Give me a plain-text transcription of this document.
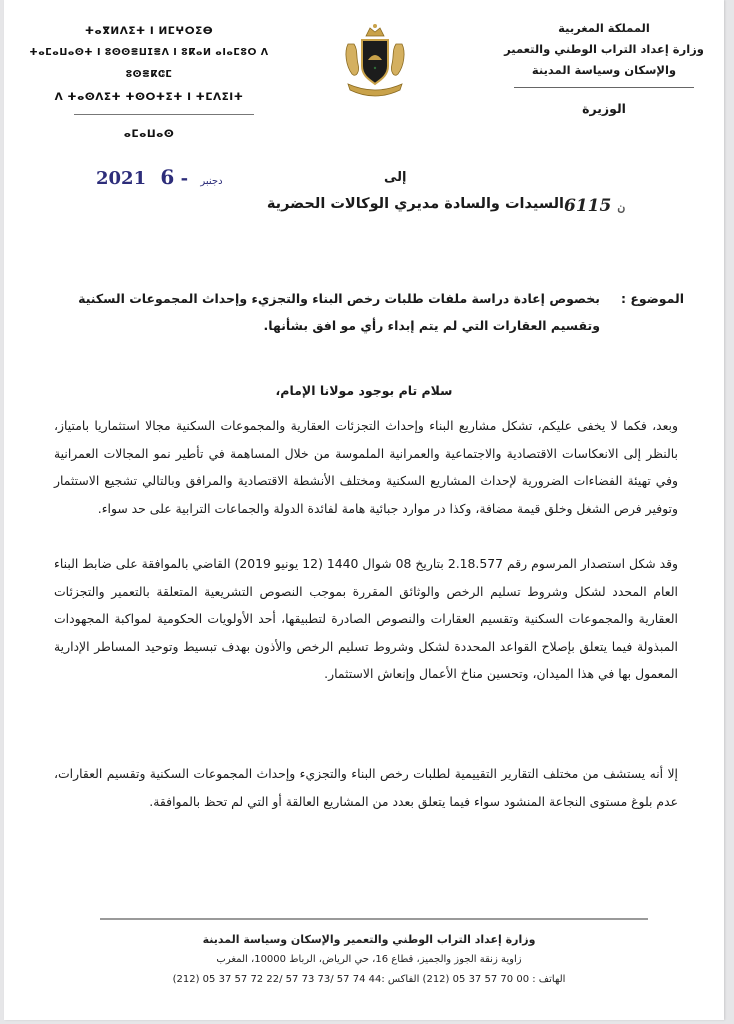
المملكة المغربية
وزارة إعداد التراب الوطني والتعمير
والإسكان وسياسة المدينة
الوزيرة
ⵜⴰⴳⵍⴷⵉⵜ ⵏ ⵍⵎⵖⵔⵉⴱ
ⵜⴰⵎⴰⵡⴰⵙⵜ ⵏ ⵓⵙⵙⴻⵡⵊⴻⴷ ⵏ ⵓⴽⴰⵍ ⴰⵏⴰⵎⵓⵔ ⴷ ⵓⵙⴻⴽⵛⵎ
ⴷ ⵜⴰⵙⴷⵉⵜ ⵜⵙⵔⵜⵉⵜ ⵏ ⵜⵎⴷⵉⵏⵜ
ⴰⵎⴰⵡⴰⵙ
2021	دجنبر - 6	إلى
السيدات والسادة مديري الوكالات الحضرية	ن 6115
الموضوع
:
بخصوص إعادة دراسة ملفات طلبات رخص البناء والتجزيء وإحداث المجموعات السكنية وتقسيم العقارات التي لم يتم إبداء رأي مو افق بشأنها.
سلام تام بوجود مولانا الإمام،
وبعد، فكما لا يخفى عليكم، تشكل مشاريع البناء وإحداث التجزئات العقارية والمجموعات السكنية مجالا استثماريا بامتياز، بالنظر إلى الانعكاسات الاقتصادية والاجتماعية والعمرانية الملموسة من خلال المساهمة في تأطير نمو المجالات العمرانية وفي تهيئة الفضاءات الضرورية لإحداث المشاريع السكنية ومختلف الأنشطة الاقتصادية والمرافق وبالتالي تشجيع الاستثمار وتوفير فرص الشغل وخلق قيمة مضافة، وكذا در موارد جبائية هامة لفائدة الدولة والجماعات الترابية على حد سواء.
وقد شكل استصدار المرسوم رقم 2.18.577 بتاريخ 08 شوال 1440 (12 يونيو 2019) القاضي بالموافقة على ضابط البناء العام المحدد لشكل وشروط تسليم الرخص والوثائق المقررة بموجب النصوص التشريعية المتعلقة بالتعمير والتجزئات العقارية والمجموعات السكنية وتقسيم العقارات والنصوص الصادرة لتطبيقها، أحد الأولويات الحكومية لمواكبة المجهودات المبذولة فيما يتعلق بإصلاح القواعد المحددة لشكل وشروط تسليم الرخص والأذون بهدف تبسيط وتوحيد المساطر الإدارية المعمول بها في هذا الميدان، وتحسين مناخ الأعمال وإنعاش الاستثمار.
إلا أنه يستشف من مختلف التقارير التقييمية لطلبات رخص البناء والتجزيء وإحداث المجموعات السكنية وتقسيم العقارات، عدم بلوغ مستوى النجاعة المنشود سواء فيما يتعلق بعدد من المشاريع العالقة أو التي لم تحظ بالموافقة.
وزارة إعداد التراب الوطني والتعمير والإسكان وسياسة المدينة
زاوية زنقة الجوز والجميز، قطاع 16، حي الرياض، الرباط 10000، المغرب
الهاتف : 00 70 57 37 05 (212) الفاكس :44 74 57 /73 73 57 /22 72 57 37 05 (212)
